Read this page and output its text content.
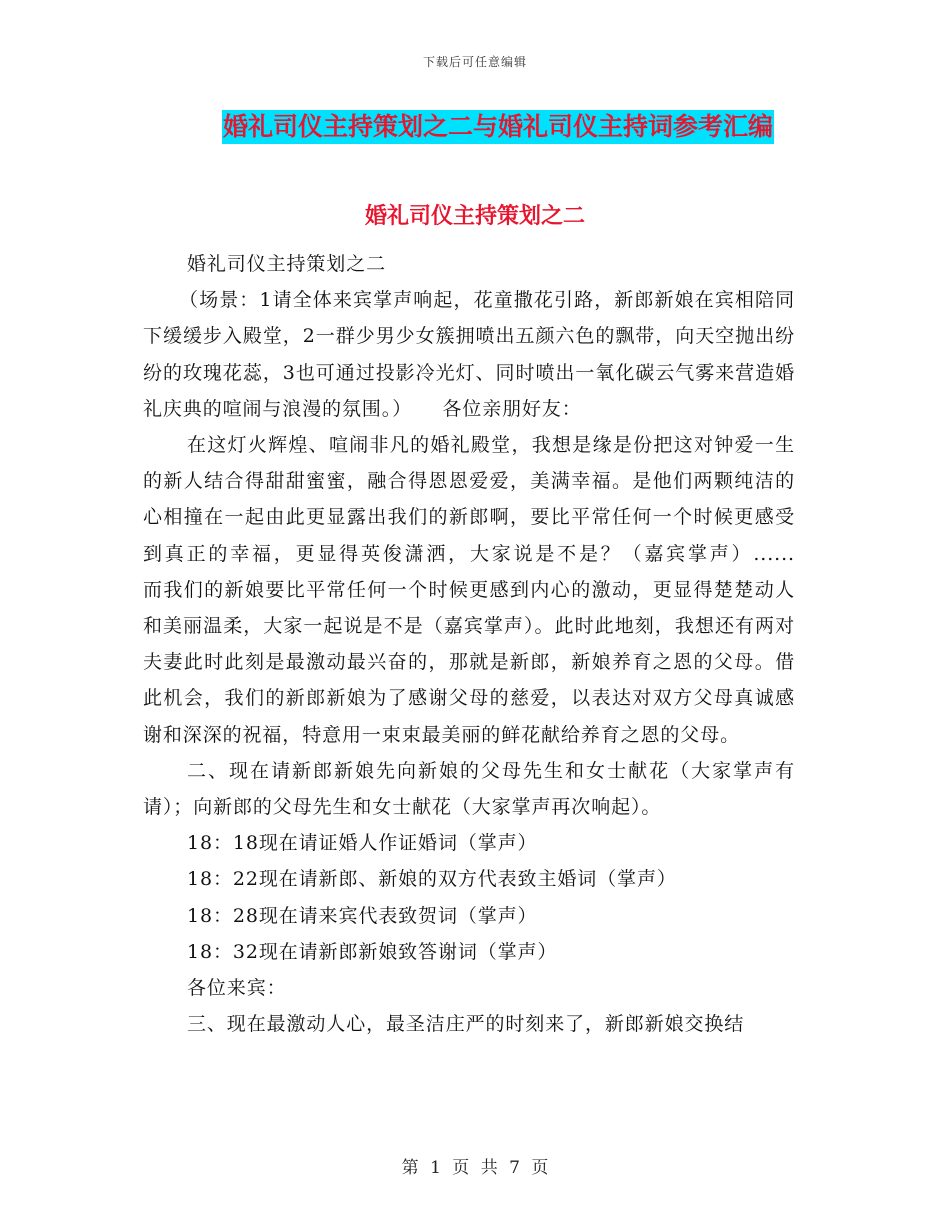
下载后可任意编辑
婚礼司仪主持策划之二与婚礼司仪主持词参考汇编
婚礼司仪主持策划之二

婚礼司仪主持策划之二

（场景：1请全体来宾掌声响起，花童撒花引路，新郎新娘在宾相陪同下缓缓步入殿堂，2一群少男少女簇拥喷出五颜六色的飘带，向天空抛出纷纷的玫瑰花蕊，3也可通过投影冷光灯、同时喷出一氧化碳云气雾来营造婚礼庆典的喧闹与浪漫的氛围。）　　各位亲朋好友：

在这灯火辉煌、喧闹非凡的婚礼殿堂，我想是缘是份把这对钟爱一生的新人结合得甜甜蜜蜜，融合得恩恩爱爱，美满幸福。是他们两颗纯洁的心相撞在一起由此更显露出我们的新郎啊，要比平常任何一个时候更感受到真正的幸福，更显得英俊潇洒，大家说是不是？（嘉宾掌声）......　　而我们的新娘要比平常任何一个时候更感到内心的激动，更显得楚楚动人和美丽温柔，大家一起说是不是（嘉宾掌声）。此时此地刻，我想还有两对夫妻此时此刻是最激动最兴奋的，那就是新郎，新娘养育之恩的父母。借此机会，我们的新郎新娘为了感谢父母的慈爱，以表达对双方父母真诚感谢和深深的祝福，特意用一束束最美丽的鲜花献给养育之恩的父母。

二、现在请新郎新娘先向新娘的父母先生和女士献花（大家掌声有请）；向新郎的父母先生和女士献花（大家掌声再次响起）。

18：18现在请证婚人作证婚词（掌声）

18：22现在请新郎、新娘的双方代表致主婚词（掌声）

18：28现在请来宾代表致贺词（掌声）

18：32现在请新郎新娘致答谢词（掌声）

各位来宾：

三、现在最激动人心，最圣洁庄严的时刻来了，新郎新娘交换结

第 1 页 共 7 页
